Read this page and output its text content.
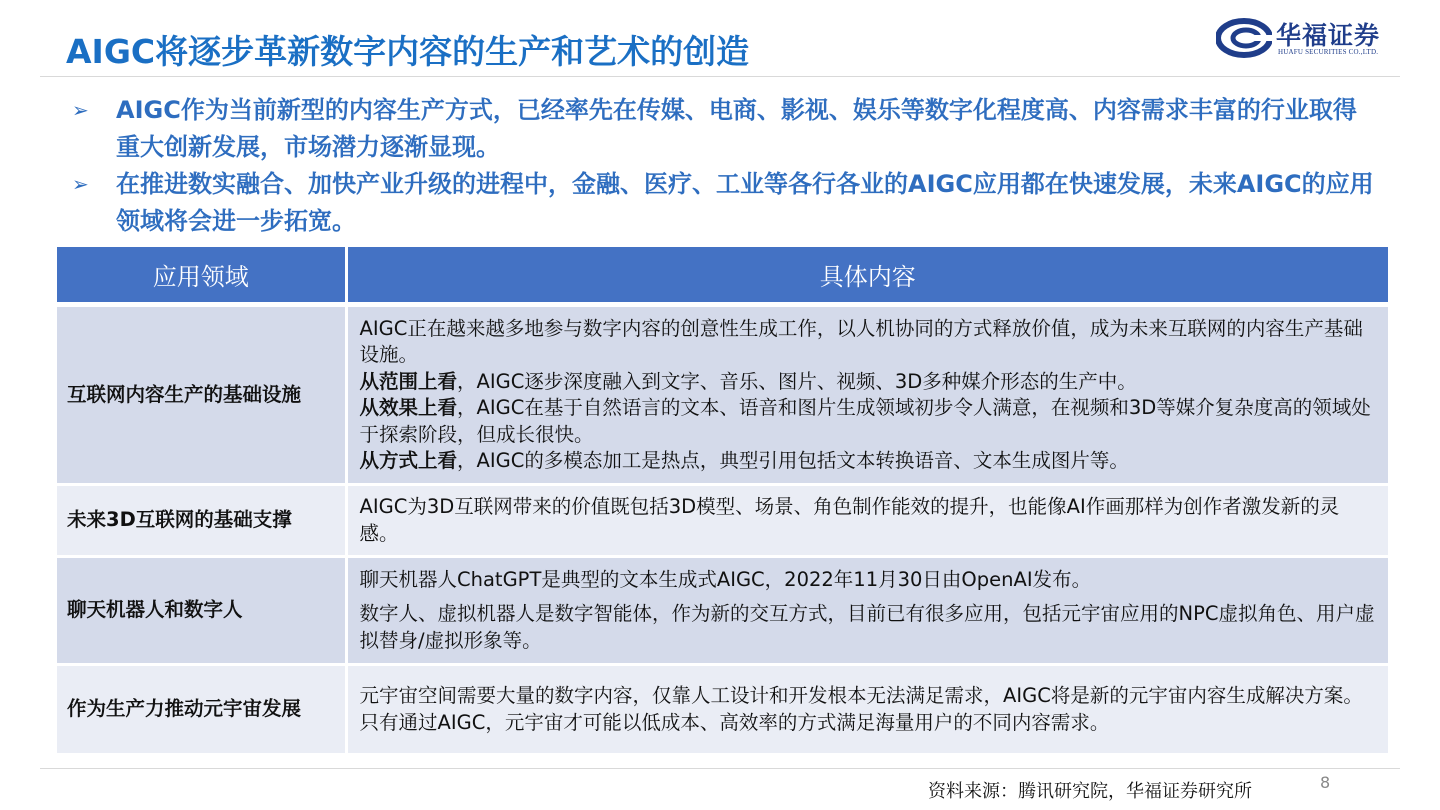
AIGC将逐步革新数字内容的生产和艺术的创造	华福证券
HUAFU SECURITIES CO.,LTD.
➢ AIGC作为当前新型的内容生产方式，已经率先在传媒、电商、影视、娱乐等数字化程度高、内容需求丰富的行业取得重大创新发展，市场潜力逐渐显现。
➢ 在推进数实融合、加快产业升级的进程中，金融、医疗、工业等各行各业的AIGC应用都在快速发展，未来AIGC的应用领域将会进一步拓宽。
应用领域	具体内容
互联网内容生产的基础设施	AIGC正在越来越多地参与数字内容的创意性生成工作，以人机协同的方式释放价值，成为未来互联网的内容生产基础设施。

从范围上看，AIGC逐步深度融入到文字、音乐、图片、视频、3D多种媒介形态的生产中。

从效果上看，AIGC在基于自然语言的文本、语音和图片生成领域初步令人满意，在视频和3D等媒介复杂度高的领域处于探索阶段，但成长很快。

从方式上看，AIGC的多模态加工是热点，典型引用包括文本转换语音、文本生成图片等。

未来3D互联网的基础支撑	AIGC为3D互联网带来的价值既包括3D模型、场景、角色制作能效的提升，也能像AI作画那样为创作者激发新的灵感。

聊天机器人和数字人	聊天机器人ChatGPT是典型的文本生成式AIGC，2022年11月30日由OpenAI发布。

数字人、虚拟机器人是数字智能体，作为新的交互方式，目前已有很多应用，包括元宇宙应用的NPC虚拟角色、用户虚拟替身/虚拟形象等。

作为生产力推动元宇宙发展	元宇宙空间需要大量的数字内容，仅靠人工设计和开发根本无法满足需求，AIGC将是新的元宇宙内容生成解决方案。只有通过AIGC，元宇宙才可能以低成本、高效率的方式满足海量用户的不同内容需求。

资料来源：腾讯研究院，华福证券研究所	8
